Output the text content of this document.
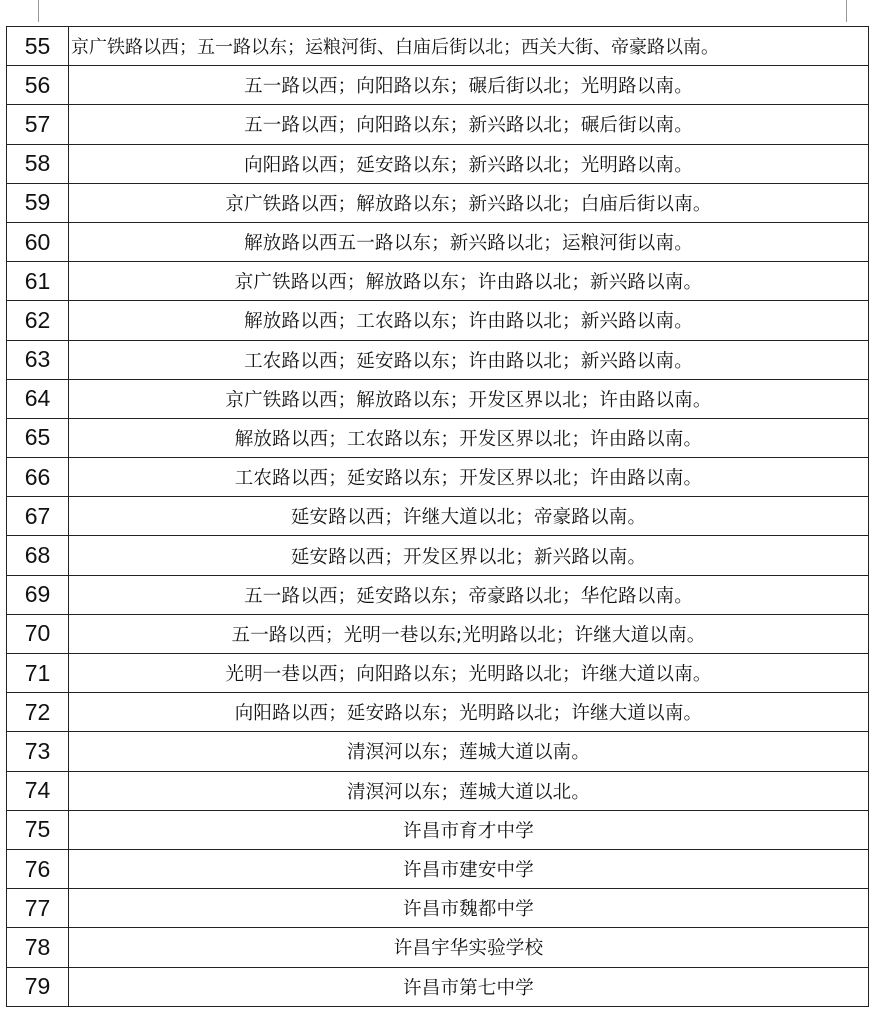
55	京广铁路以西；五一路以东；运粮河街、白庙后街以北；西关大街、帝豪路以南。
56	五一路以西；向阳路以东；碾后街以北；光明路以南。
57	五一路以西；向阳路以东；新兴路以北；碾后街以南。
58	向阳路以西；延安路以东；新兴路以北；光明路以南。
59	京广铁路以西；解放路以东；新兴路以北；白庙后街以南。
60	解放路以西五一路以东；新兴路以北；运粮河街以南。
61	京广铁路以西；解放路以东；许由路以北；新兴路以南。
62	解放路以西；工农路以东；许由路以北；新兴路以南。
63	工农路以西；延安路以东；许由路以北；新兴路以南。
64	京广铁路以西；解放路以东；开发区界以北；许由路以南。
65	解放路以西；工农路以东；开发区界以北；许由路以南。
66	工农路以西；延安路以东；开发区界以北；许由路以南。
67	延安路以西；许继大道以北；帝豪路以南。
68	延安路以西；开发区界以北；新兴路以南。
69	五一路以西；延安路以东；帝豪路以北；华佗路以南。
70	五一路以西；光明一巷以东;光明路以北；许继大道以南。
71	光明一巷以西；向阳路以东；光明路以北；许继大道以南。
72	向阳路以西；延安路以东；光明路以北；许继大道以南。
73	清溟河以东；莲城大道以南。
74	清溟河以东；莲城大道以北。
75	许昌市育才中学
76	许昌市建安中学
77	许昌市魏都中学
78	许昌宇华实验学校
79	许昌市第七中学
